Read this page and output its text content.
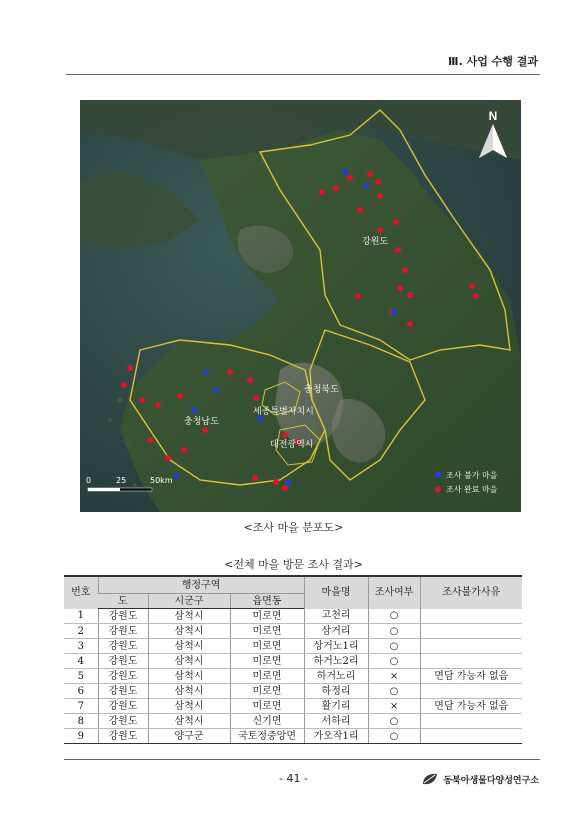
Ⅲ. 사업 수행 결과
N
강원도
충청북도
세종특별자치시
충청남도
대전광역시
0	25	50km
조사 불가 마을
조사 완료 마을
<조사 마을 분포도>
<전체 마을 방문 조사 결과>
번호	행정구역			마을명	조사여부	조사불가사유
	도	시군구	읍면동			
1	강원도	삼척시	미로면	고천리	○	
2	강원도	삼척시	미로면	삼거리	○	
3	강원도	삼척시	미로면	상거노1리	○	
4	강원도	삼척시	미로면	하거노2리	○	
5	강원도	삼척시	미로면	하거노리	×	면담 가능자 없음
6	강원도	삼척시	미로면	하정리	○	
7	강원도	삼척시	미로면	활기리	×	면담 가능자 없음
8	강원도	삼척시	신기면	서하리	○	
9	강원도	양구군	국토정중앙면	가오작1리	○	
- 41 -	동북아생물다양성연구소
